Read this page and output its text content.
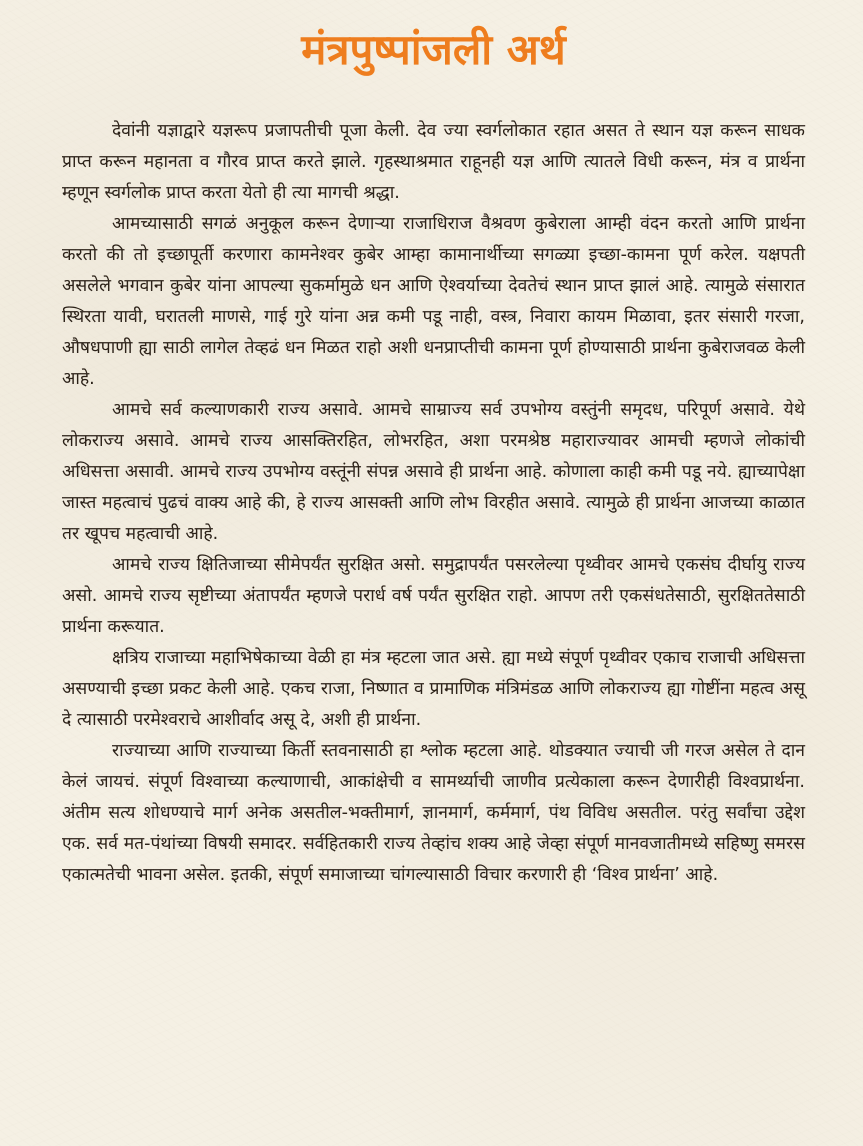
मंत्रपुष्पांजली अर्थ

देवांनी यज्ञाद्वारे यज्ञरूप प्रजापतीची पूजा केली. देव ज्या स्वर्गलोकात रहात असत ते स्थान यज्ञ करून साधक प्राप्त करून महानता व गौरव प्राप्त करते झाले. गृहस्थाश्रमात राहूनही यज्ञ आणि त्यातले विधी करून, मंत्र व प्रार्थना म्हणून स्वर्गलोक प्राप्त करता येतो ही त्या मागची श्रद्धा.

आमच्यासाठी सगळं अनुकूल करून देणाऱ्या राजाधिराज वैश्रवण कुबेराला आम्ही वंदन करतो आणि प्रार्थना करतो की तो इच्छापूर्ती करणारा कामनेश्वर कुबेर आम्हा कामानार्थीच्या सगळ्या इच्छा-कामना पूर्ण करेल. यक्षपती असलेले भगवान कुबेर यांना आपल्या सुकर्मामुळे धन आणि ऐश्वर्याच्या देवतेचं स्थान प्राप्त झालं आहे. त्यामुळे संसारात स्थिरता यावी, घरातली माणसे, गाई गुरे यांना अन्न कमी पडू नाही, वस्त्र, निवारा कायम मिळावा, इतर संसारी गरजा, औषधपाणी ह्या साठी लागेल तेव्हढं धन मिळत राहो अशी धनप्राप्तीची कामना पूर्ण होण्यासाठी प्रार्थना कुबेराजवळ केली आहे.

आमचे सर्व कल्याणकारी राज्य असावे. आमचे साम्राज्य सर्व उपभोग्य वस्तुंनी समृदध, परिपूर्ण असावे. येथे लोकराज्य असावे. आमचे राज्य आसक्तिरहित, लोभरहित, अशा परमश्रेष्ठ महाराज्यावर आमची म्हणजे लोकांची अधिसत्ता असावी. आमचे राज्य उपभोग्य वस्तूंनी संपन्न असावे ही प्रार्थना आहे. कोणाला काही कमी पडू नये. ह्याच्यापेक्षा जास्त महत्वाचं पुढचं वाक्य आहे की, हे राज्य आसक्ती आणि लोभ विरहीत असावे. त्यामुळे ही प्रार्थना आजच्या काळात तर खूपच महत्वाची आहे.

आमचे राज्य क्षितिजाच्या सीमेपर्यंत सुरक्षित असो. समुद्रापर्यंत पसरलेल्या पृथ्वीवर आमचे एकसंघ दीर्घायु राज्य असो. आमचे राज्य सृष्टीच्या अंतापर्यंत म्हणजे परार्ध वर्ष पर्यंत सुरक्षित राहो. आपण तरी एकसंधतेसाठी, सुरक्षिततेसाठी प्रार्थना करूयात.

क्षत्रिय राजाच्या महाभिषेकाच्या वेळी हा मंत्र म्हटला जात असे. ह्या मध्ये संपूर्ण पृथ्वीवर एकाच राजाची अधिसत्ता असण्याची इच्छा प्रकट केली आहे. एकच राजा, निष्णात व प्रामाणिक मंत्रिमंडळ आणि लोकराज्य ह्या गोष्टींना महत्व असू दे त्यासाठी परमेश्वराचे आशीर्वाद असू दे, अशी ही प्रार्थना.

राज्याच्या आणि राज्याच्या किर्ती स्तवनासाठी हा श्लोक म्हटला आहे. थोडक्यात ज्याची जी गरज असेल ते दान केलं जायचं. संपूर्ण विश्वाच्या कल्याणाची, आकांक्षेची व सामर्थ्याची जाणीव प्रत्येकाला करून देणारीही विश्वप्रार्थना. अंतीम सत्य शोधण्याचे मार्ग अनेक असतील-भक्तीमार्ग, ज्ञानमार्ग, कर्ममार्ग, पंथ विविध असतील. परंतु सर्वांचा उद्देश एक. सर्व मत-पंथांच्या विषयी समादर. सर्वहितकारी राज्य तेव्हांच शक्य आहे जेव्हा संपूर्ण मानवजातीमध्ये सहिष्णु समरस एकात्मतेची भावना असेल. इतकी, संपूर्ण समाजाच्या चांगल्यासाठी विचार करणारी ही ‘विश्व प्रार्थना’ आहे.
